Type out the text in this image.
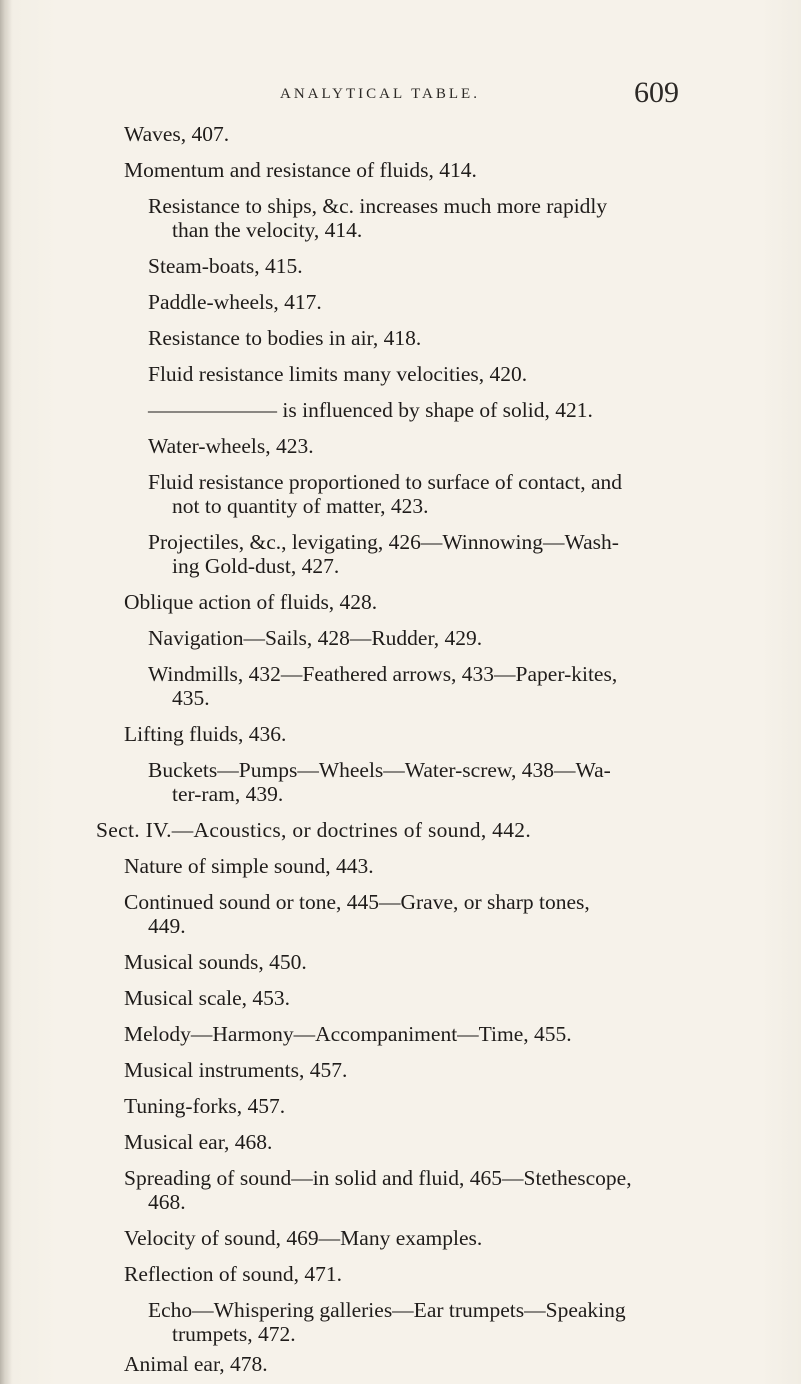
ANALYTICAL TABLE.	609
Waves, 407.
Momentum and resistance of fluids, 414.
Resistance to ships, &c. increases much more rapidly
than the velocity, 414.
Steam-boats, 415.
Paddle-wheels, 417.
Resistance to bodies in air, 418.
Fluid resistance limits many velocities, 420.
—————— is influenced by shape of solid, 421.
Water-wheels, 423.
Fluid resistance proportioned to surface of contact, and
not to quantity of matter, 423.
Projectiles, &c., levigating, 426—Winnowing—Wash-
ing Gold-dust, 427.
Oblique action of fluids, 428.
Navigation—Sails, 428—Rudder, 429.
Windmills, 432—Feathered arrows, 433—Paper-kites,
435.
Lifting fluids, 436.
Buckets—Pumps—Wheels—Water-screw, 438—Wa-
ter-ram, 439.
Sect. IV.—Acoustics, or doctrines of sound, 442.
Nature of simple sound, 443.
Continued sound or tone, 445—Grave, or sharp tones,
449.
Musical sounds, 450.
Musical scale, 453.
Melody—Harmony—Accompaniment—Time, 455.
Musical instruments, 457.
Tuning-forks, 457.
Musical ear, 468.
Spreading of sound—in solid and fluid, 465—Stethescope,
468.
Velocity of sound, 469—Many examples.
Reflection of sound, 471.
Echo—Whispering galleries—Ear trumpets—Speaking
trumpets, 472.
Animal ear, 478.
